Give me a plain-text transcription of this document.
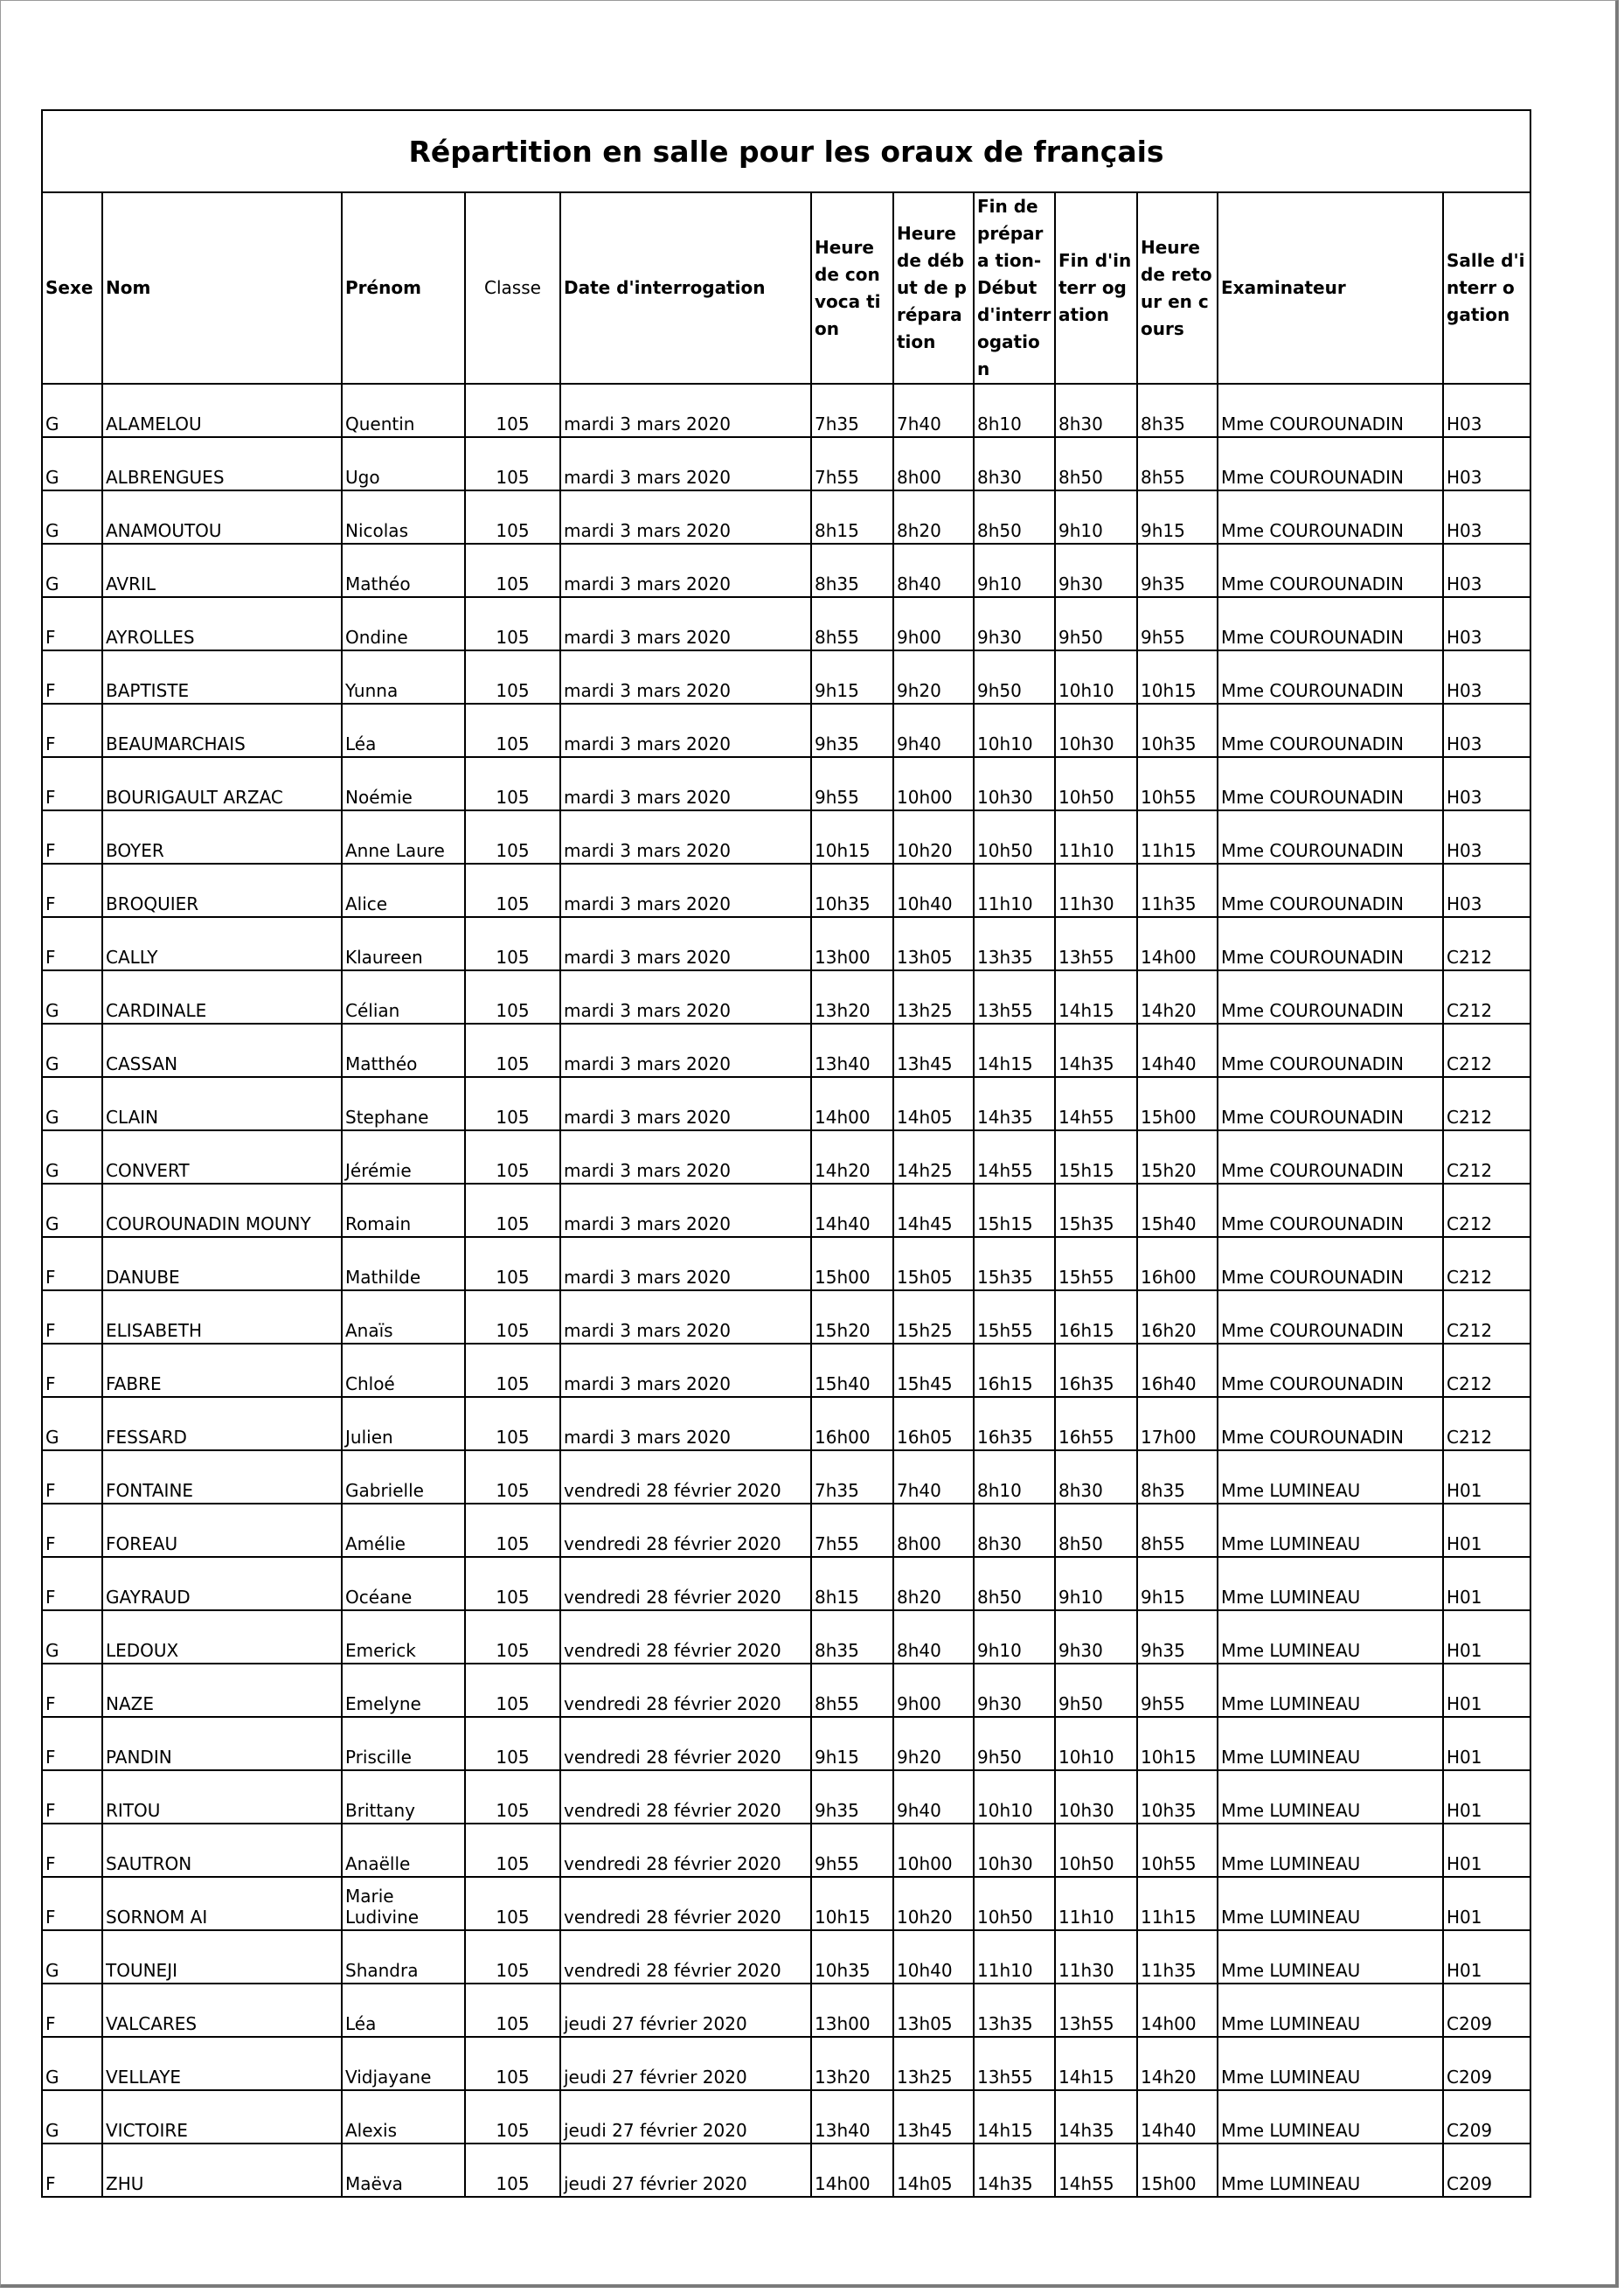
Répartition en salle pour les oraux de français											
Sexe	Nom	Prénom	Classe	Date d'interrogation	Heure de convoca tion	Heure de début de prépara tion	Fin de prépara tion- Début d'interr ogation	Fin d'interr ogation	Heure de retour en cours	Examinateur	Salle d'interr ogation
G	ALAMELOU	Quentin	105	mardi 3 mars 2020	7h35	7h40	8h10	8h30	8h35	Mme COUROUNADIN	H03
G	ALBRENGUES	Ugo	105	mardi 3 mars 2020	7h55	8h00	8h30	8h50	8h55	Mme COUROUNADIN	H03
G	ANAMOUTOU	Nicolas	105	mardi 3 mars 2020	8h15	8h20	8h50	9h10	9h15	Mme COUROUNADIN	H03
G	AVRIL	Mathéo	105	mardi 3 mars 2020	8h35	8h40	9h10	9h30	9h35	Mme COUROUNADIN	H03
F	AYROLLES	Ondine	105	mardi 3 mars 2020	8h55	9h00	9h30	9h50	9h55	Mme COUROUNADIN	H03
F	BAPTISTE	Yunna	105	mardi 3 mars 2020	9h15	9h20	9h50	10h10	10h15	Mme COUROUNADIN	H03
F	BEAUMARCHAIS	Léa	105	mardi 3 mars 2020	9h35	9h40	10h10	10h30	10h35	Mme COUROUNADIN	H03
F	BOURIGAULT ARZAC	Noémie	105	mardi 3 mars 2020	9h55	10h00	10h30	10h50	10h55	Mme COUROUNADIN	H03
F	BOYER	Anne Laure	105	mardi 3 mars 2020	10h15	10h20	10h50	11h10	11h15	Mme COUROUNADIN	H03
F	BROQUIER	Alice	105	mardi 3 mars 2020	10h35	10h40	11h10	11h30	11h35	Mme COUROUNADIN	H03
F	CALLY	Klaureen	105	mardi 3 mars 2020	13h00	13h05	13h35	13h55	14h00	Mme COUROUNADIN	C212
G	CARDINALE	Célian	105	mardi 3 mars 2020	13h20	13h25	13h55	14h15	14h20	Mme COUROUNADIN	C212
G	CASSAN	Matthéo	105	mardi 3 mars 2020	13h40	13h45	14h15	14h35	14h40	Mme COUROUNADIN	C212
G	CLAIN	Stephane	105	mardi 3 mars 2020	14h00	14h05	14h35	14h55	15h00	Mme COUROUNADIN	C212
G	CONVERT	Jérémie	105	mardi 3 mars 2020	14h20	14h25	14h55	15h15	15h20	Mme COUROUNADIN	C212
G	COUROUNADIN MOUNY	Romain	105	mardi 3 mars 2020	14h40	14h45	15h15	15h35	15h40	Mme COUROUNADIN	C212
F	DANUBE	Mathilde	105	mardi 3 mars 2020	15h00	15h05	15h35	15h55	16h00	Mme COUROUNADIN	C212
F	ELISABETH	Anaïs	105	mardi 3 mars 2020	15h20	15h25	15h55	16h15	16h20	Mme COUROUNADIN	C212
F	FABRE	Chloé	105	mardi 3 mars 2020	15h40	15h45	16h15	16h35	16h40	Mme COUROUNADIN	C212
G	FESSARD	Julien	105	mardi 3 mars 2020	16h00	16h05	16h35	16h55	17h00	Mme COUROUNADIN	C212
F	FONTAINE	Gabrielle	105	vendredi 28 février 2020	7h35	7h40	8h10	8h30	8h35	Mme LUMINEAU	H01
F	FOREAU	Amélie	105	vendredi 28 février 2020	7h55	8h00	8h30	8h50	8h55	Mme LUMINEAU	H01
F	GAYRAUD	Océane	105	vendredi 28 février 2020	8h15	8h20	8h50	9h10	9h15	Mme LUMINEAU	H01
G	LEDOUX	Emerick	105	vendredi 28 février 2020	8h35	8h40	9h10	9h30	9h35	Mme LUMINEAU	H01
F	NAZE	Emelyne	105	vendredi 28 février 2020	8h55	9h00	9h30	9h50	9h55	Mme LUMINEAU	H01
F	PANDIN	Priscille	105	vendredi 28 février 2020	9h15	9h20	9h50	10h10	10h15	Mme LUMINEAU	H01
F	RITOU	Brittany	105	vendredi 28 février 2020	9h35	9h40	10h10	10h30	10h35	Mme LUMINEAU	H01
F	SAUTRON	Anaëlle	105	vendredi 28 février 2020	9h55	10h00	10h30	10h50	10h55	Mme LUMINEAU	H01
F	SORNOM AI	Marie Ludivine	105	vendredi 28 février 2020	10h15	10h20	10h50	11h10	11h15	Mme LUMINEAU	H01
G	TOUNEJI	Shandra	105	vendredi 28 février 2020	10h35	10h40	11h10	11h30	11h35	Mme LUMINEAU	H01
F	VALCARES	Léa	105	jeudi 27 février 2020	13h00	13h05	13h35	13h55	14h00	Mme LUMINEAU	C209
G	VELLAYE	Vidjayane	105	jeudi 27 février 2020	13h20	13h25	13h55	14h15	14h20	Mme LUMINEAU	C209
G	VICTOIRE	Alexis	105	jeudi 27 février 2020	13h40	13h45	14h15	14h35	14h40	Mme LUMINEAU	C209
F	ZHU	Maëva	105	jeudi 27 février 2020	14h00	14h05	14h35	14h55	15h00	Mme LUMINEAU	C209
